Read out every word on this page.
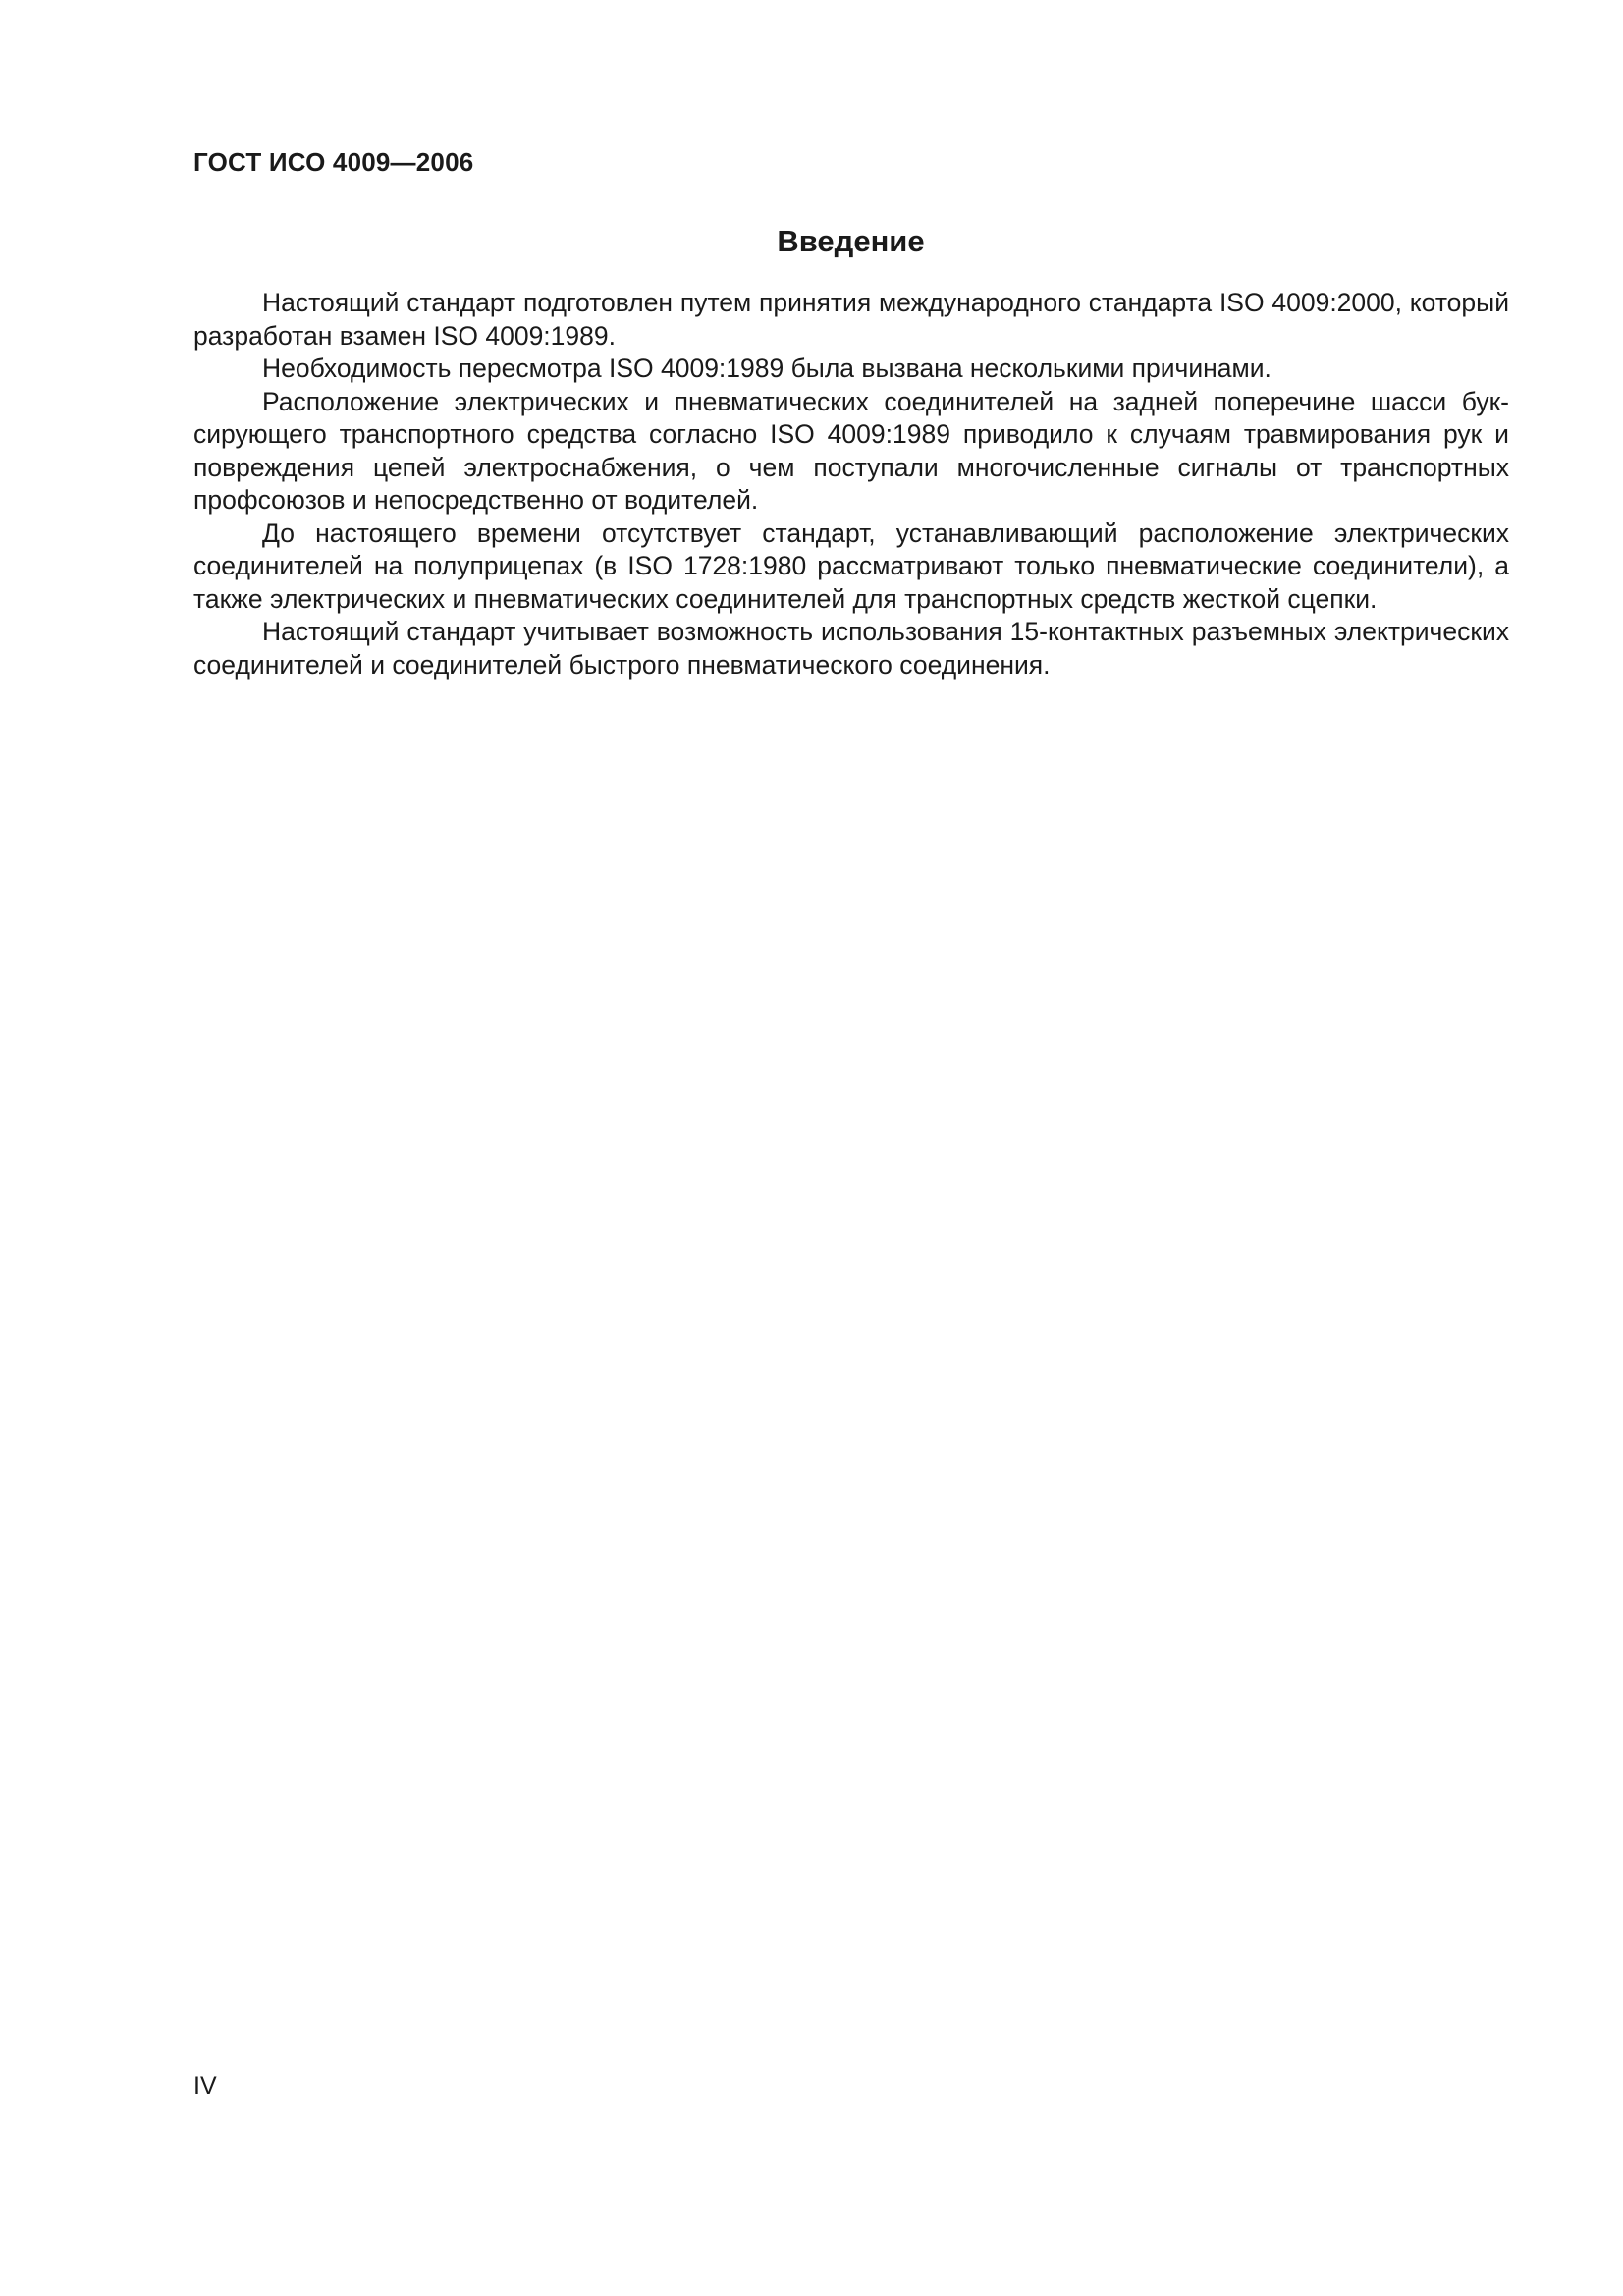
ГОСТ ИСО 4009—2006
Введение

Настоящий стандарт подготовлен путем принятия международного стандарта ISO 4009:2000, который разработан взамен ISO 4009:1989.

Необходимость пересмотра ISO 4009:1989 была вызвана несколькими причинами.

Расположение электрических и пневматических соединителей на задней поперечине шасси буксирующего транспортного средства согласно ISO 4009:1989 приводило к случаям травмирования рук и повреждения цепей электроснабжения, о чем поступали многочисленные сигналы от транспортных профсоюзов и непосредственно от водителей.

До настоящего времени отсутствует стандарт, устанавливающий расположение электрических соединителей на полуприцепах (в ISO 1728:1980 рассматривают только пневматические соединители), а также электрических и пневматических соединителей для транспортных средств жесткой сцепки.

Настоящий стандарт учитывает возможность использования 15-контактных разъемных электрических соединителей и соединителей быстрого пневматического соединения.

IV
